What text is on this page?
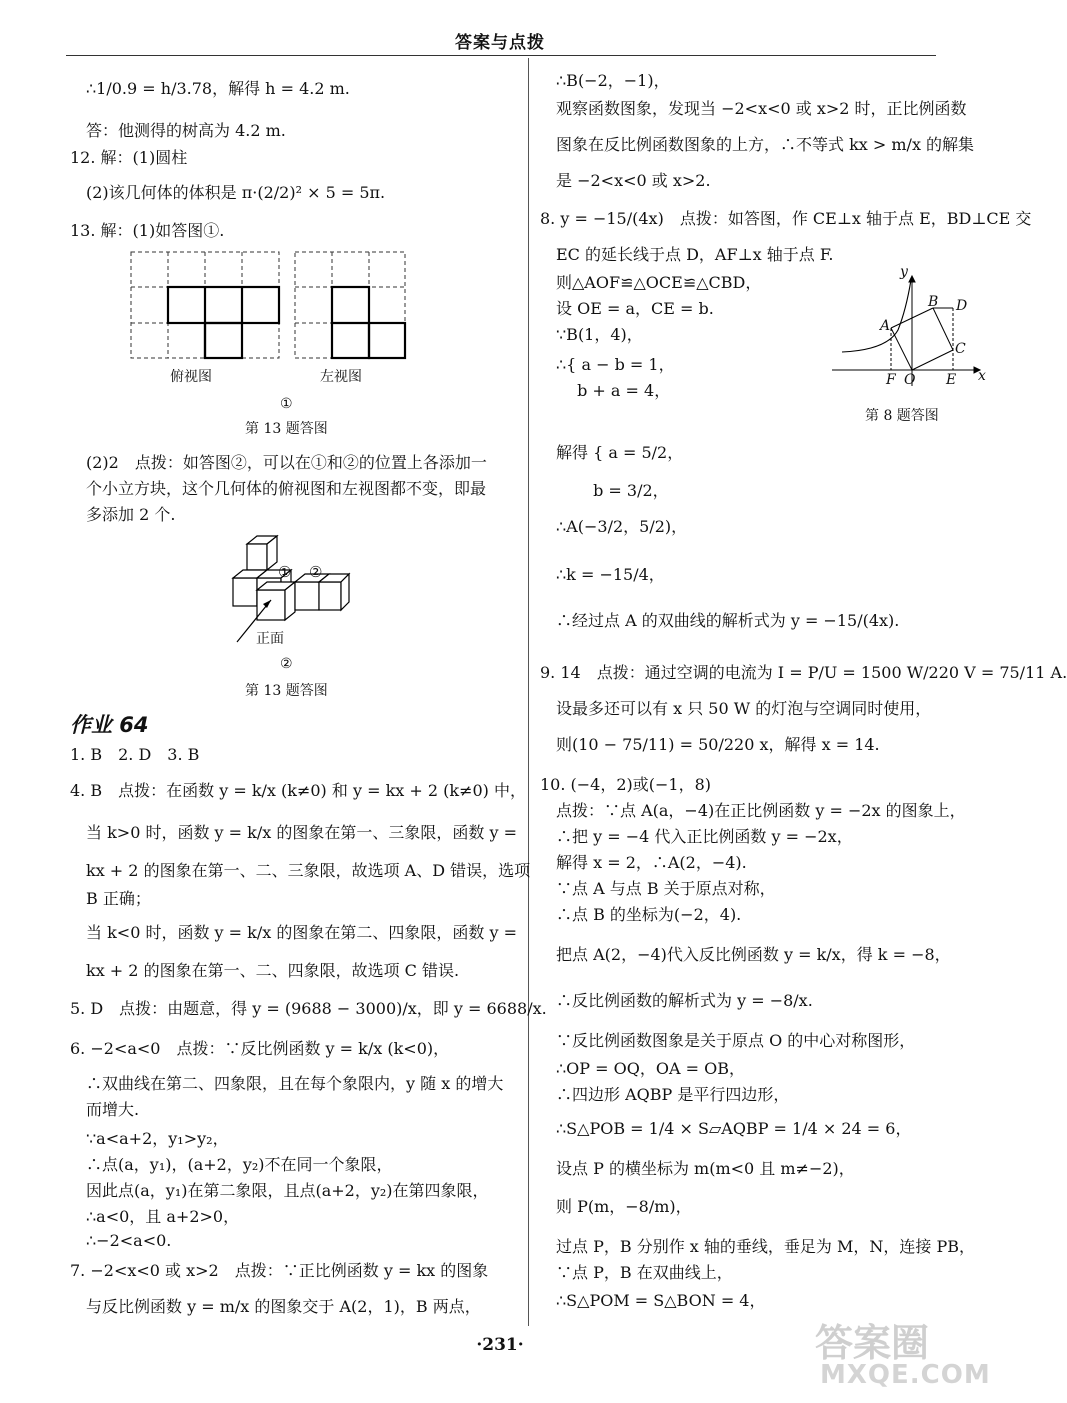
答案与点拨
∴1/0.9 = h/3.78，解得 h = 4.2 m.
答：他测得的树高为 4.2 m.
12. 解：(1)圆柱
(2)该几何体的体积是 π·(2/2)² × 5 = 5π.
13. 解：(1)如答图①.
(2)2　点拨：如答图②，可以在①和②的位置上各添加一
个小立方块，这个几何体的俯视图和左视图都不变，即最
多添加 2 个.
作业 64
1. B　2. D　3. B
4. B　点拨：在函数 y = k/x (k≠0) 和 y = kx + 2 (k≠0) 中，
当 k>0 时，函数 y = k/x 的图象在第一、三象限，函数 y =
kx + 2 的图象在第一、二、三象限，故选项 A、D 错误，选项
B 正确；
当 k<0 时，函数 y = k/x 的图象在第二、四象限，函数 y =
kx + 2 的图象在第一、二、四象限，故选项 C 错误.
5. D　点拨：由题意，得 y = (9688 − 3000)/x，即 y = 6688/x.
6. −2<a<0　点拨：∵反比例函数 y = k/x (k<0)，
∴双曲线在第二、四象限，且在每个象限内，y 随 x 的增大
而增大.
∵a<a+2，y₁>y₂，
∴点(a，y₁)，(a+2，y₂)不在同一个象限，
因此点(a，y₁)在第二象限，且点(a+2，y₂)在第四象限，
∴a<0，且 a+2>0，
∴−2<a<0.
7. −2<x<0 或 x>2　点拨：∵正比例函数 y = kx 的图象
与反比例函数 y = m/x 的图象交于 A(2，1)，B 两点，
俯视图	左视图
①
第 13 题答图
① ②
正面
②
第 13 题答图
∴B(−2，−1)，
观察函数图象，发现当 −2<x<0 或 x>2 时，正比例函数
图象在反比例函数图象的上方，∴不等式 kx > m/x 的解集
是 −2<x<0 或 x>2.
8. y = −15/(4x)　点拨：如答图，作 CE⊥x 轴于点 E，BD⊥CE 交
EC 的延长线于点 D，AF⊥x 轴于点 F.
则△AOF≌△OCE≌△CBD，
设 OE = a，CE = b.
∵B(1，4)，
∴{ a − b = 1，
　 b + a = 4，
解得 { a = 5/2，
　　 b = 3/2，
∴A(−3/2，5/2)，
∴k = −15/4，
∴经过点 A 的双曲线的解析式为 y = −15/(4x).
9. 14　点拨：通过空调的电流为 I = P/U = 1500 W/220 V = 75/11 A.
设最多还可以有 x 只 50 W 的灯泡与空调同时使用，
则(10 − 75/11) = 50/220 x，解得 x = 14.
10. (−4，2)或(−1，8)
点拨：∵点 A(a，−4)在正比例函数 y = −2x 的图象上，
∴把 y = −4 代入正比例函数 y = −2x，
解得 x = 2，∴A(2，−4).
∵点 A 与点 B 关于原点对称，
∴点 B 的坐标为(−2，4).
把点 A(2，−4)代入反比例函数 y = k/x，得 k = −8，
∴反比例函数的解析式为 y = −8/x.
∵反比例函数图象是关于原点 O 的中心对称图形，
∴OP = OQ，OA = OB，
∴四边形 AQBP 是平行四边形，
∴S△POB = 1/4 × S▱AQBP = 1/4 × 24 = 6，
设点 P 的横坐标为 m(m<0 且 m≠−2)，
则 P(m，−8/m)，
过点 P，B 分别作 x 轴的垂线，垂足为 M，N，连接 PB，
∵点 P，B 在双曲线上，
∴S△POM = S△BON = 4，
y
x
A
B
C
D
E
F O
第 8 题答图
·231·	答案圈
MXQE.COM
